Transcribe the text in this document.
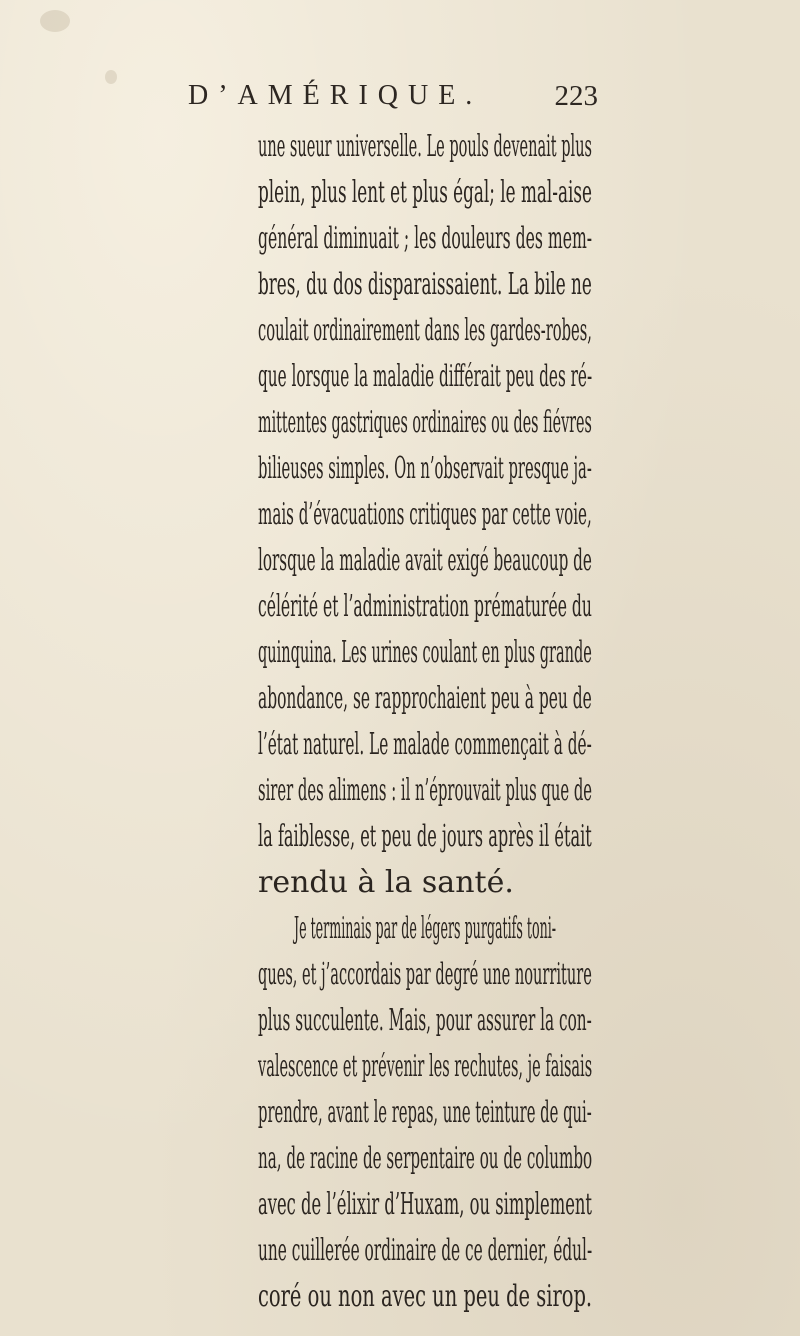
D’AMÉRIQUE. 223
une sueur universelle. Le pouls devenait plus
plein, plus lent et plus égal; le mal-aise
général diminuait ; les douleurs des mem-
bres, du dos disparaissaient. La bile ne
coulait ordinairement dans les gardes-robes,
que lorsque la maladie différait peu des ré-
mittentes gastriques ordinaires ou des fiévres
bilieuses simples. On n’observait presque ja-
mais d’évacuations critiques par cette voie,
lorsque la maladie avait exigé beaucoup de
célérité et l’administration prématurée du
quinquina. Les urines coulant en plus grande
abondance, se rapprochaient peu à peu de
l’état naturel. Le malade commençait à dé-
sirer des alimens : il n’éprouvait plus que de
la faiblesse, et peu de jours après il était
rendu à la santé.
Je terminais par de légers purgatifs toni-
ques, et j’accordais par degré une nourriture
plus succulente. Mais, pour assurer la con-
valescence et prévenir les rechutes, je faisais
prendre, avant le repas, une teinture de qui-
na, de racine de serpentaire ou de columbo
avec de l’élixir d’Huxam, ou simplement
une cuillerée ordinaire de ce dernier, édul-
coré ou non avec un peu de sirop.
